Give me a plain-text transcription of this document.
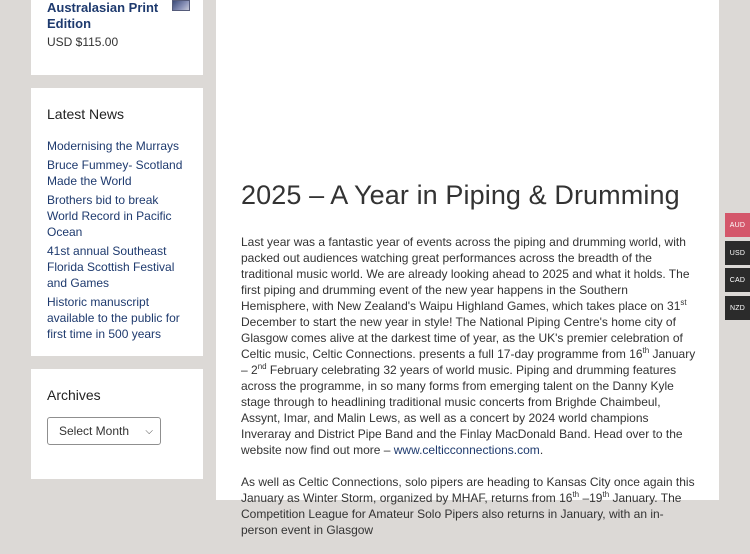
Australasian Print
Edition
USD $115.00
Latest News
Modernising the Murrays
Bruce Fummey- Scotland Made the World
Brothers bid to break World Record in Pacific Ocean
41st annual Southeast Florida Scottish Festival and Games
Historic manuscript available to the public for first time in 500 years
Archives
Select Month ⌵
2025 – A Year in Piping & Drumming

Last year was a fantastic year of events across the piping and drumming world, with packed out audiences watching great performances across the breadth of the traditional music world. We are already looking ahead to 2025 and what it holds. The first piping and drumming event of the new year happens in the Southern Hemisphere, with New Zealand's Waipu Highland Games, which takes place on 31st December to start the new year in style! The National Piping Centre's home city of Glasgow comes alive at the darkest time of year, as the UK's premier celebration of Celtic music, Celtic Connections. presents a full 17-day programme from 16th January – 2nd February celebrating 32 years of world music. Piping and drumming features across the programme, in so many forms from emerging talent on the Danny Kyle stage through to headlining traditional music concerts from Brighde Chaimbeul, Assynt, Imar, and Malin Lews, as well as a concert by 2024 world champions Inveraray and District Pipe Band and the Finlay MacDonald Band. Head over to the website now find out more – www.celticconnections.com.

As well as Celtic Connections, solo pipers are heading to Kansas City once again this January as Winter Storm, organized by MHAF, returns from 16th –19th January. The Competition League for Amateur Solo Pipers also returns in January, with an in-person event in Glasgow

AUD
USD
CAD
NZD
